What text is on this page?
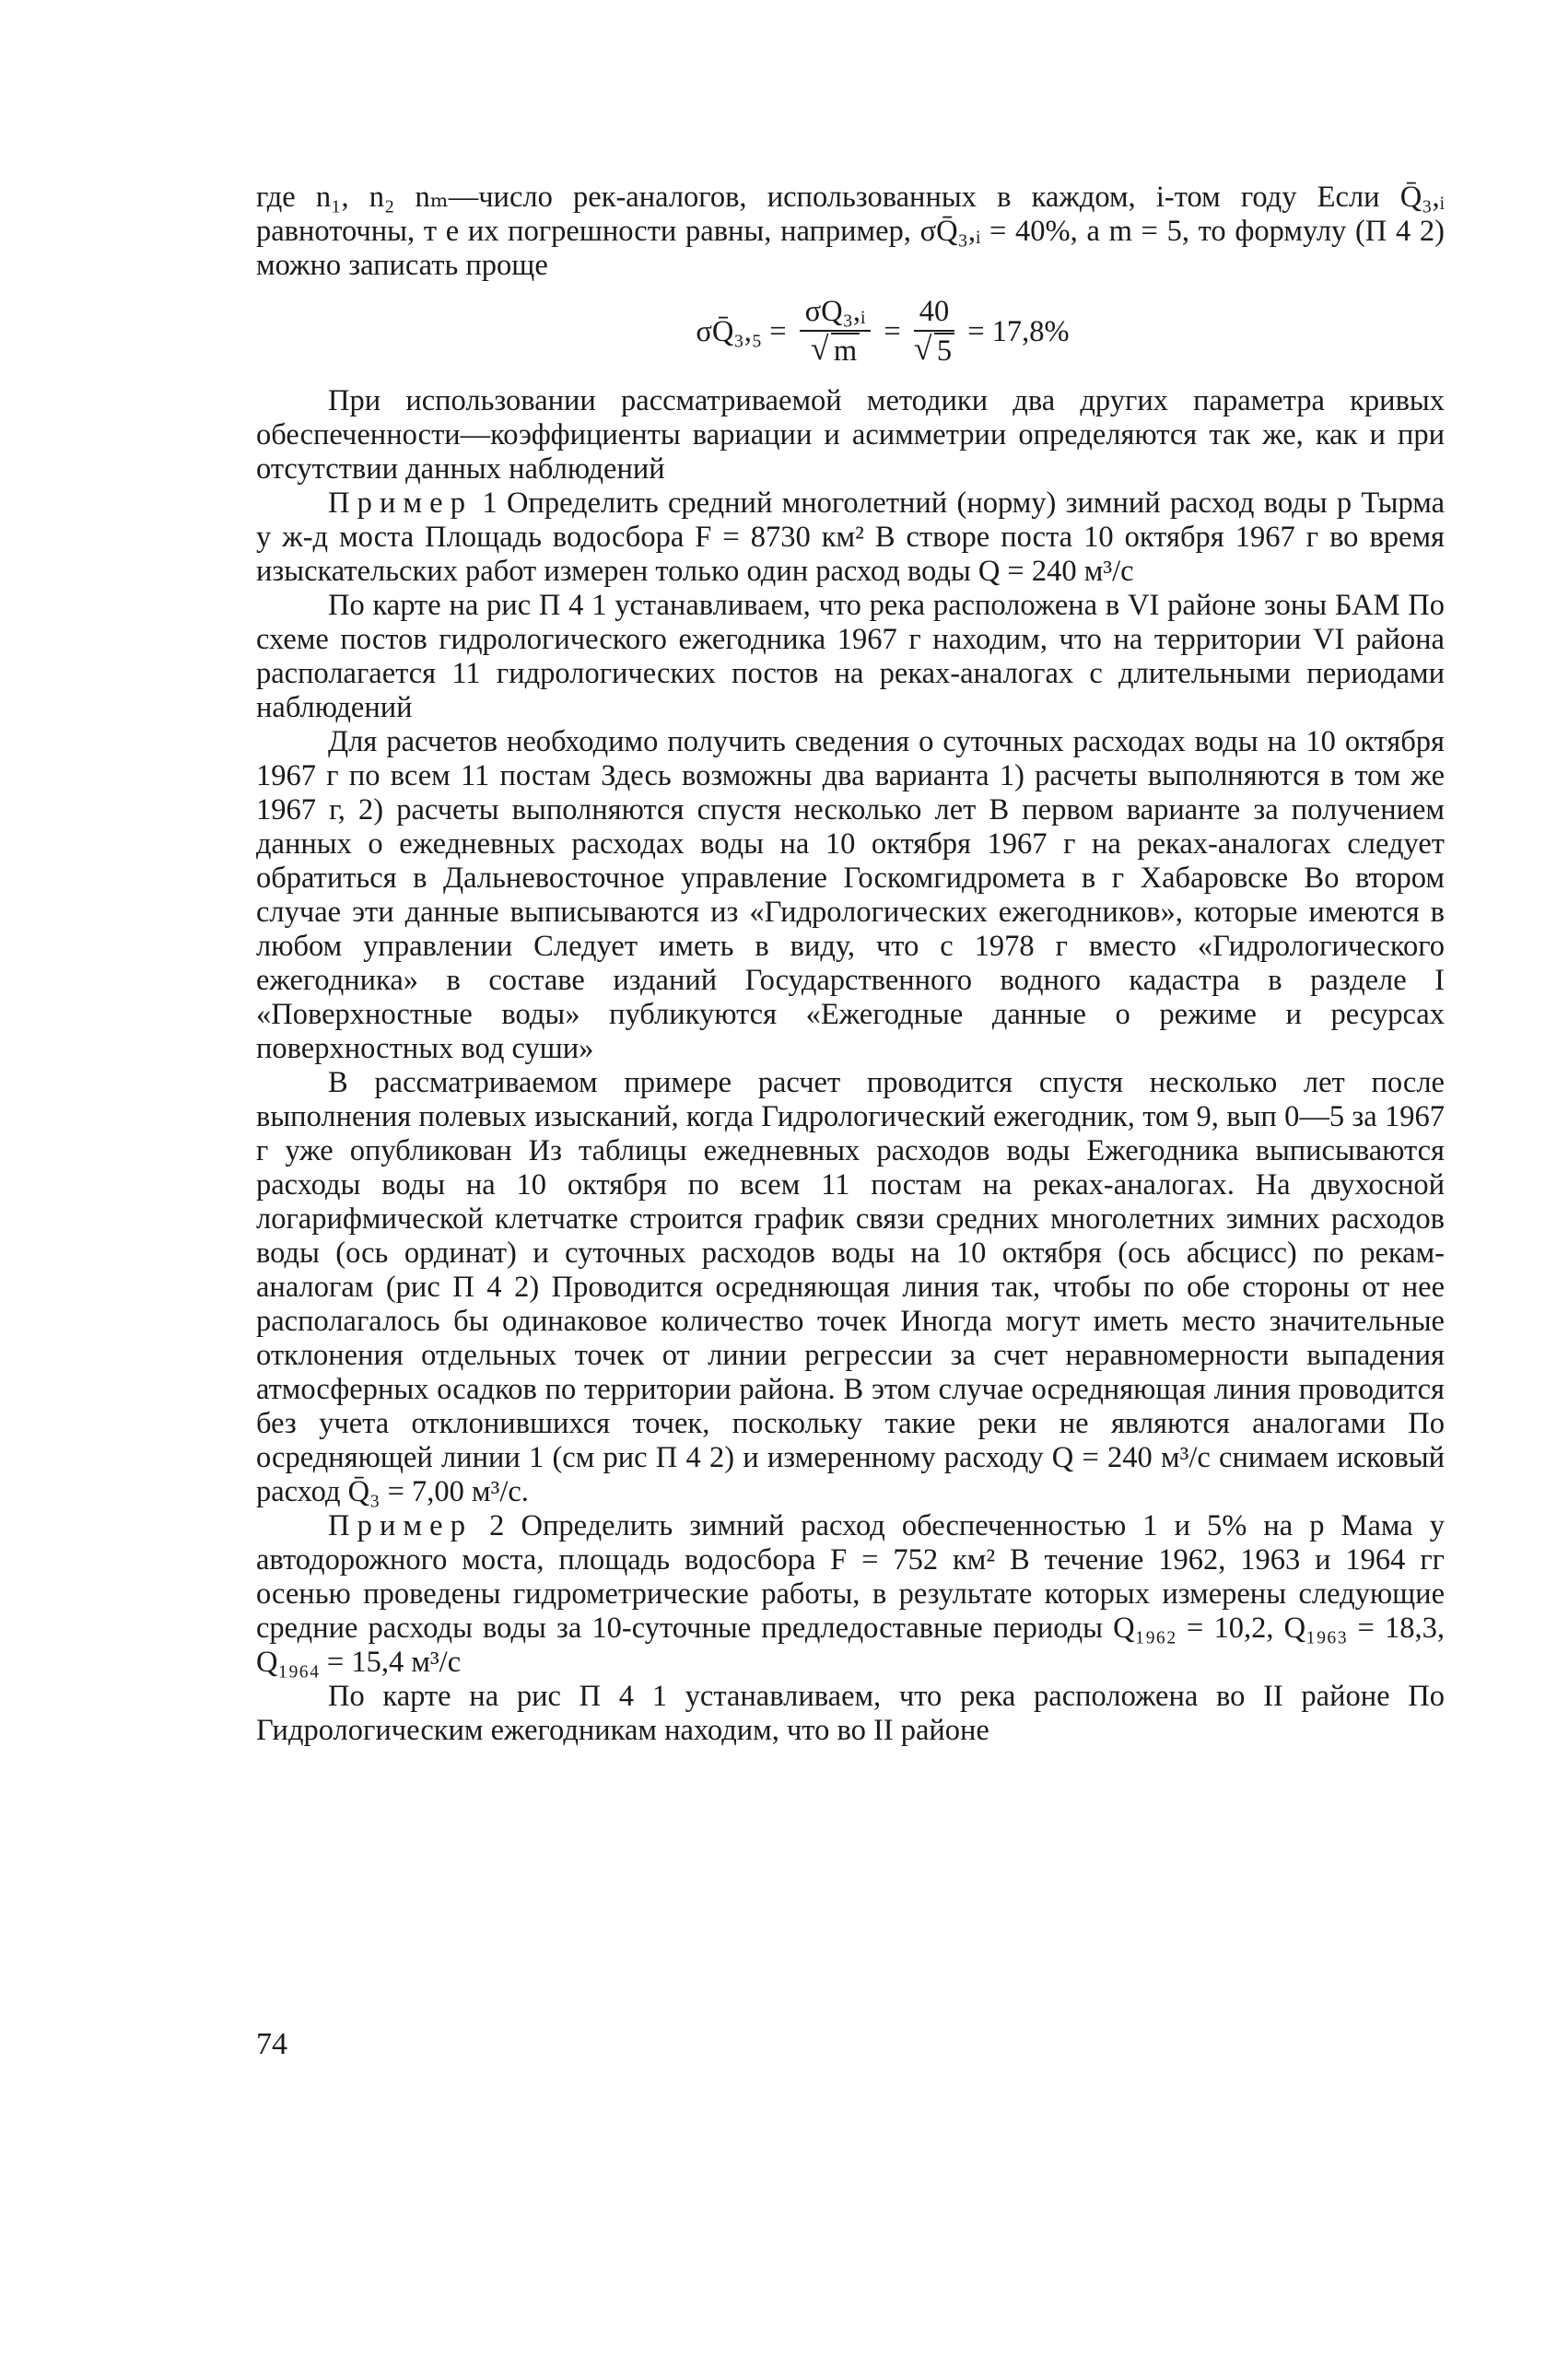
где n₁, n₂ nₘ—число рек-аналогов, использованных в каждом, i-том году Если Q̄₃,ᵢ равноточны, т е их погрешности равны, например, σQ̄₃,ᵢ = 40%, а m = 5, то формулу (П 4 2) можно записать проще

σQ̄₃,₅ = σQ₃,ᵢ
√ m = 40
√ 5 = 17,8%

При использовании рассматриваемой методики два других параметра кривых обеспеченности—коэффициенты вариации и асимметрии определяются так же, как и при отсутствии данных наблюдений

Пример 1 Определить средний многолетний (норму) зимний расход воды р Тырма у ж-д моста Площадь водосбора F = 8730 км² В створе поста 10 октября 1967 г во время изыскательских работ измерен только один расход воды Q = 240 м³/с

По карте на рис П 4 1 устанавливаем, что река расположена в VI районе зоны БАМ По схеме постов гидрологического ежегодника 1967 г находим, что на территории VI района располагается 11 гидрологических постов на реках-аналогах с длительными периодами наблюдений

Для расчетов необходимо получить сведения о суточных расходах воды на 10 октября 1967 г по всем 11 постам Здесь возможны два варианта 1) расчеты выполняются в том же 1967 г, 2) расчеты выполняются спустя несколько лет В первом варианте за получением данных о ежедневных расходах воды на 10 октября 1967 г на реках-аналогах следует обратиться в Дальневосточное управление Госкомгидромета в г Хабаровске Во втором случае эти данные выписываются из «Гидрологических ежегодников», которые имеются в любом управлении Следует иметь в виду, что с 1978 г вместо «Гидрологического ежегодника» в составе изданий Государственного водного кадастра в разделе I «Поверхностные воды» публикуются «Ежегодные данные о режиме и ресурсах поверхностных вод суши»

В рассматриваемом примере расчет проводится спустя несколько лет после выполнения полевых изысканий, когда Гидрологический ежегодник, том 9, вып 0—5 за 1967 г уже опубликован Из таблицы ежедневных расходов воды Ежегодника выписываются расходы воды на 10 октября по всем 11 постам на реках-аналогах. На двухосной логарифмической клетчатке строится график связи средних многолетних зимних расходов воды (ось ординат) и суточных расходов воды на 10 октября (ось абсцисс) по рекам-аналогам (рис П 4 2) Проводится осредняющая линия так, чтобы по обе стороны от нее располагалось бы одинаковое количество точек Иногда могут иметь место значительные отклонения отдельных точек от линии регрессии за счет неравномерности выпадения атмосферных осадков по территории района. В этом случае осредняющая линия проводится без учета отклонившихся точек, поскольку такие реки не являются аналогами По осредняющей линии 1 (см рис П 4 2) и измеренному расходу Q = 240 м³/с снимаем исковый расход Q̄₃ = 7,00 м³/с.

Пример 2 Определить зимний расход обеспеченностью 1 и 5% на р Мама у автодорожного моста, площадь водосбора F = 752 км² В течение 1962, 1963 и 1964 гг осенью проведены гидрометрические работы, в результате которых измерены следующие средние расходы воды за 10-суточные предледоставные периоды Q₁₉₆₂ = 10,2, Q₁₉₆₃ = 18,3, Q₁₉₆₄ = 15,4 м³/с

По карте на рис П 4 1 устанавливаем, что река расположена во II районе По Гидрологическим ежегодникам находим, что во II районе

74
